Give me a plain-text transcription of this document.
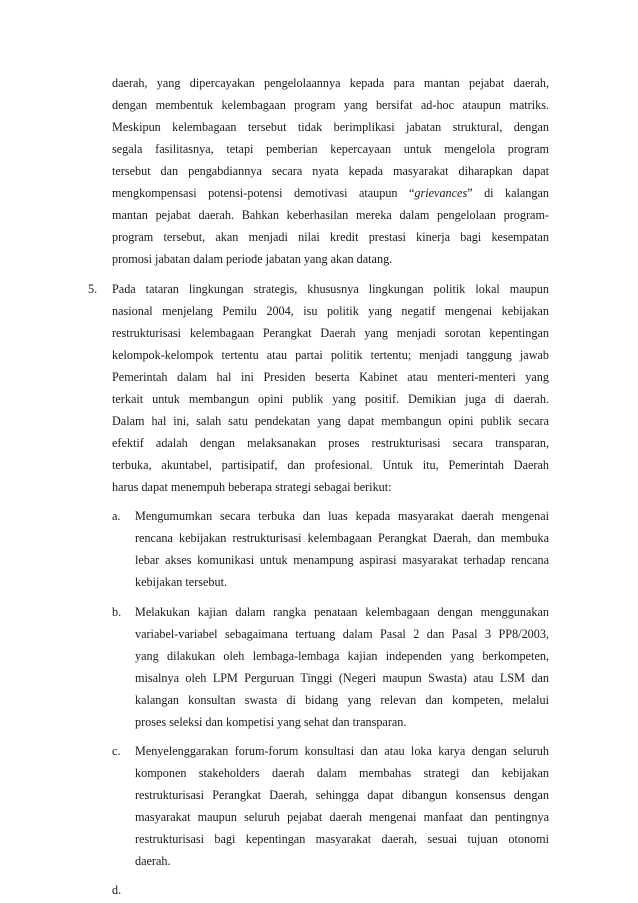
daerah, yang dipercayakan pengelolaannya kepada para mantan pejabat daerah,
dengan membentuk kelembagaan program yang bersifat ad-hoc ataupun matriks.
Meskipun kelembagaan tersebut tidak berimplikasi jabatan struktural, dengan
segala fasilitasnya, tetapi pemberian kepercayaan untuk mengelola program
tersebut dan pengabdiannya secara nyata kepada masyarakat diharapkan dapat
mengkompensasi potensi-potensi demotivasi ataupun “grievances” di kalangan
mantan pejabat daerah. Bahkan keberhasilan mereka dalam pengelolaan program-
program tersebut, akan menjadi nilai kredit prestasi kinerja bagi kesempatan
promosi jabatan dalam periode jabatan yang akan datang.
5. Pada tataran lingkungan strategis, khususnya lingkungan politik lokal maupun
nasional menjelang Pemilu 2004, isu politik yang negatif mengenai kebijakan
restrukturisasi kelembagaan Perangkat Daerah yang menjadi sorotan kepentingan
kelompok-kelompok tertentu atau partai politik tertentu; menjadi tanggung jawab
Pemerintah dalam hal ini Presiden beserta Kabinet atau menteri-menteri yang
terkait untuk membangun opini publik yang positif. Demikian juga di daerah.
Dalam hal ini, salah satu pendekatan yang dapat membangun opini publik secara
efektif adalah dengan melaksanakan proses restrukturisasi secara transparan,
terbuka, akuntabel, partisipatif, dan profesional. Untuk itu, Pemerintah Daerah
harus dapat menempuh beberapa strategi sebagai berikut:
a. Mengumumkan secara terbuka dan luas kepada masyarakat daerah mengenai
rencana kebijakan restrukturisasi kelembagaan Perangkat Daerah, dan membuka
lebar akses komunikasi untuk menampung aspirasi masyarakat terhadap rencana
kebijakan tersebut.
b. Melakukan kajian dalam rangka penataan kelembagaan dengan menggunakan
variabel-variabel sebagaimana tertuang dalam Pasal 2 dan Pasal 3 PP8/2003,
yang dilakukan oleh lembaga-lembaga kajian independen yang berkompeten,
misalnya oleh LPM Perguruan Tinggi (Negeri maupun Swasta) atau LSM dan
kalangan konsultan swasta di bidang yang relevan dan kompeten, melalui
proses seleksi dan kompetisi yang sehat dan transparan.
c. Menyelenggarakan forum-forum konsultasi dan atau loka karya dengan seluruh
komponen stakeholders daerah dalam membahas strategi dan kebijakan
restrukturisasi Perangkat Daerah, sehingga dapat dibangun konsensus dengan
masyarakat maupun seluruh pejabat daerah mengenai manfaat dan pentingnya
restrukturisasi bagi kepentingan masyarakat daerah, sesuai tujuan otonomi
daerah.
d.
